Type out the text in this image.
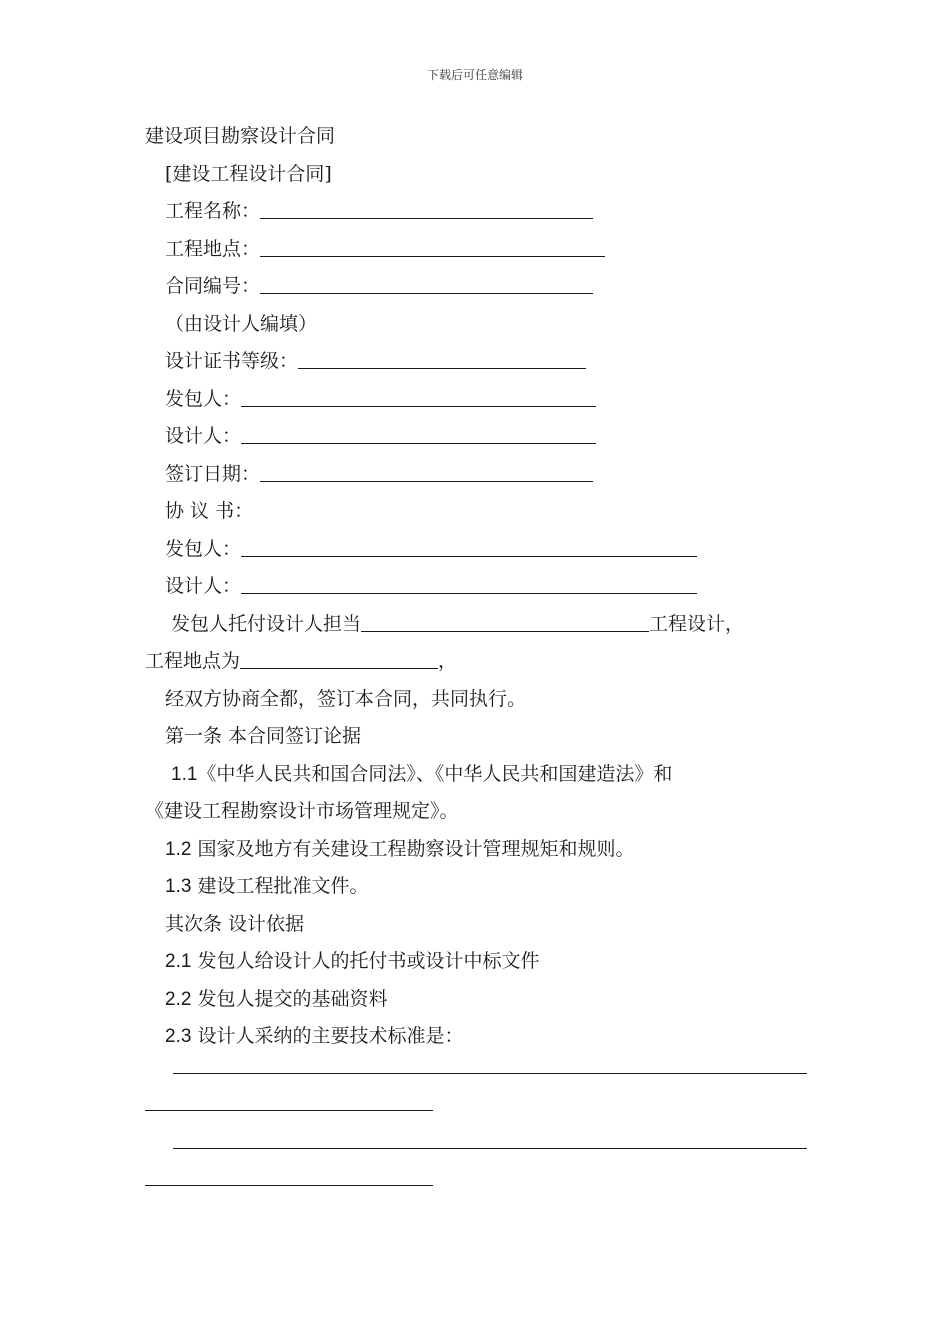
下载后可任意编辑
建设项目勘察设计合同
[建设工程设计合同]
工程名称：
工程地点：
合同编号：
（由设计人编填）
设计证书等级：
发包人：
设计人：
签订日期：
协 议 书：
发包人：
设计人：
发包人托付设计人担当	工程设计，
工程地点为	，
经双方协商全都，签订本合同，共同执行。
第一条 本合同签订论据
1.1《中华人民共和国合同法》、《中华人民共和国建造法》和
《建设工程勘察设计市场管理规定》。
1.2 国家及地方有关建设工程勘察设计管理规矩和规则。
1.3 建设工程批准文件。
其次条 设计依据
2.1 发包人给设计人的托付书或设计中标文件
2.2 发包人提交的基础资料
2.3 设计人采纳的主要技术标准是：
